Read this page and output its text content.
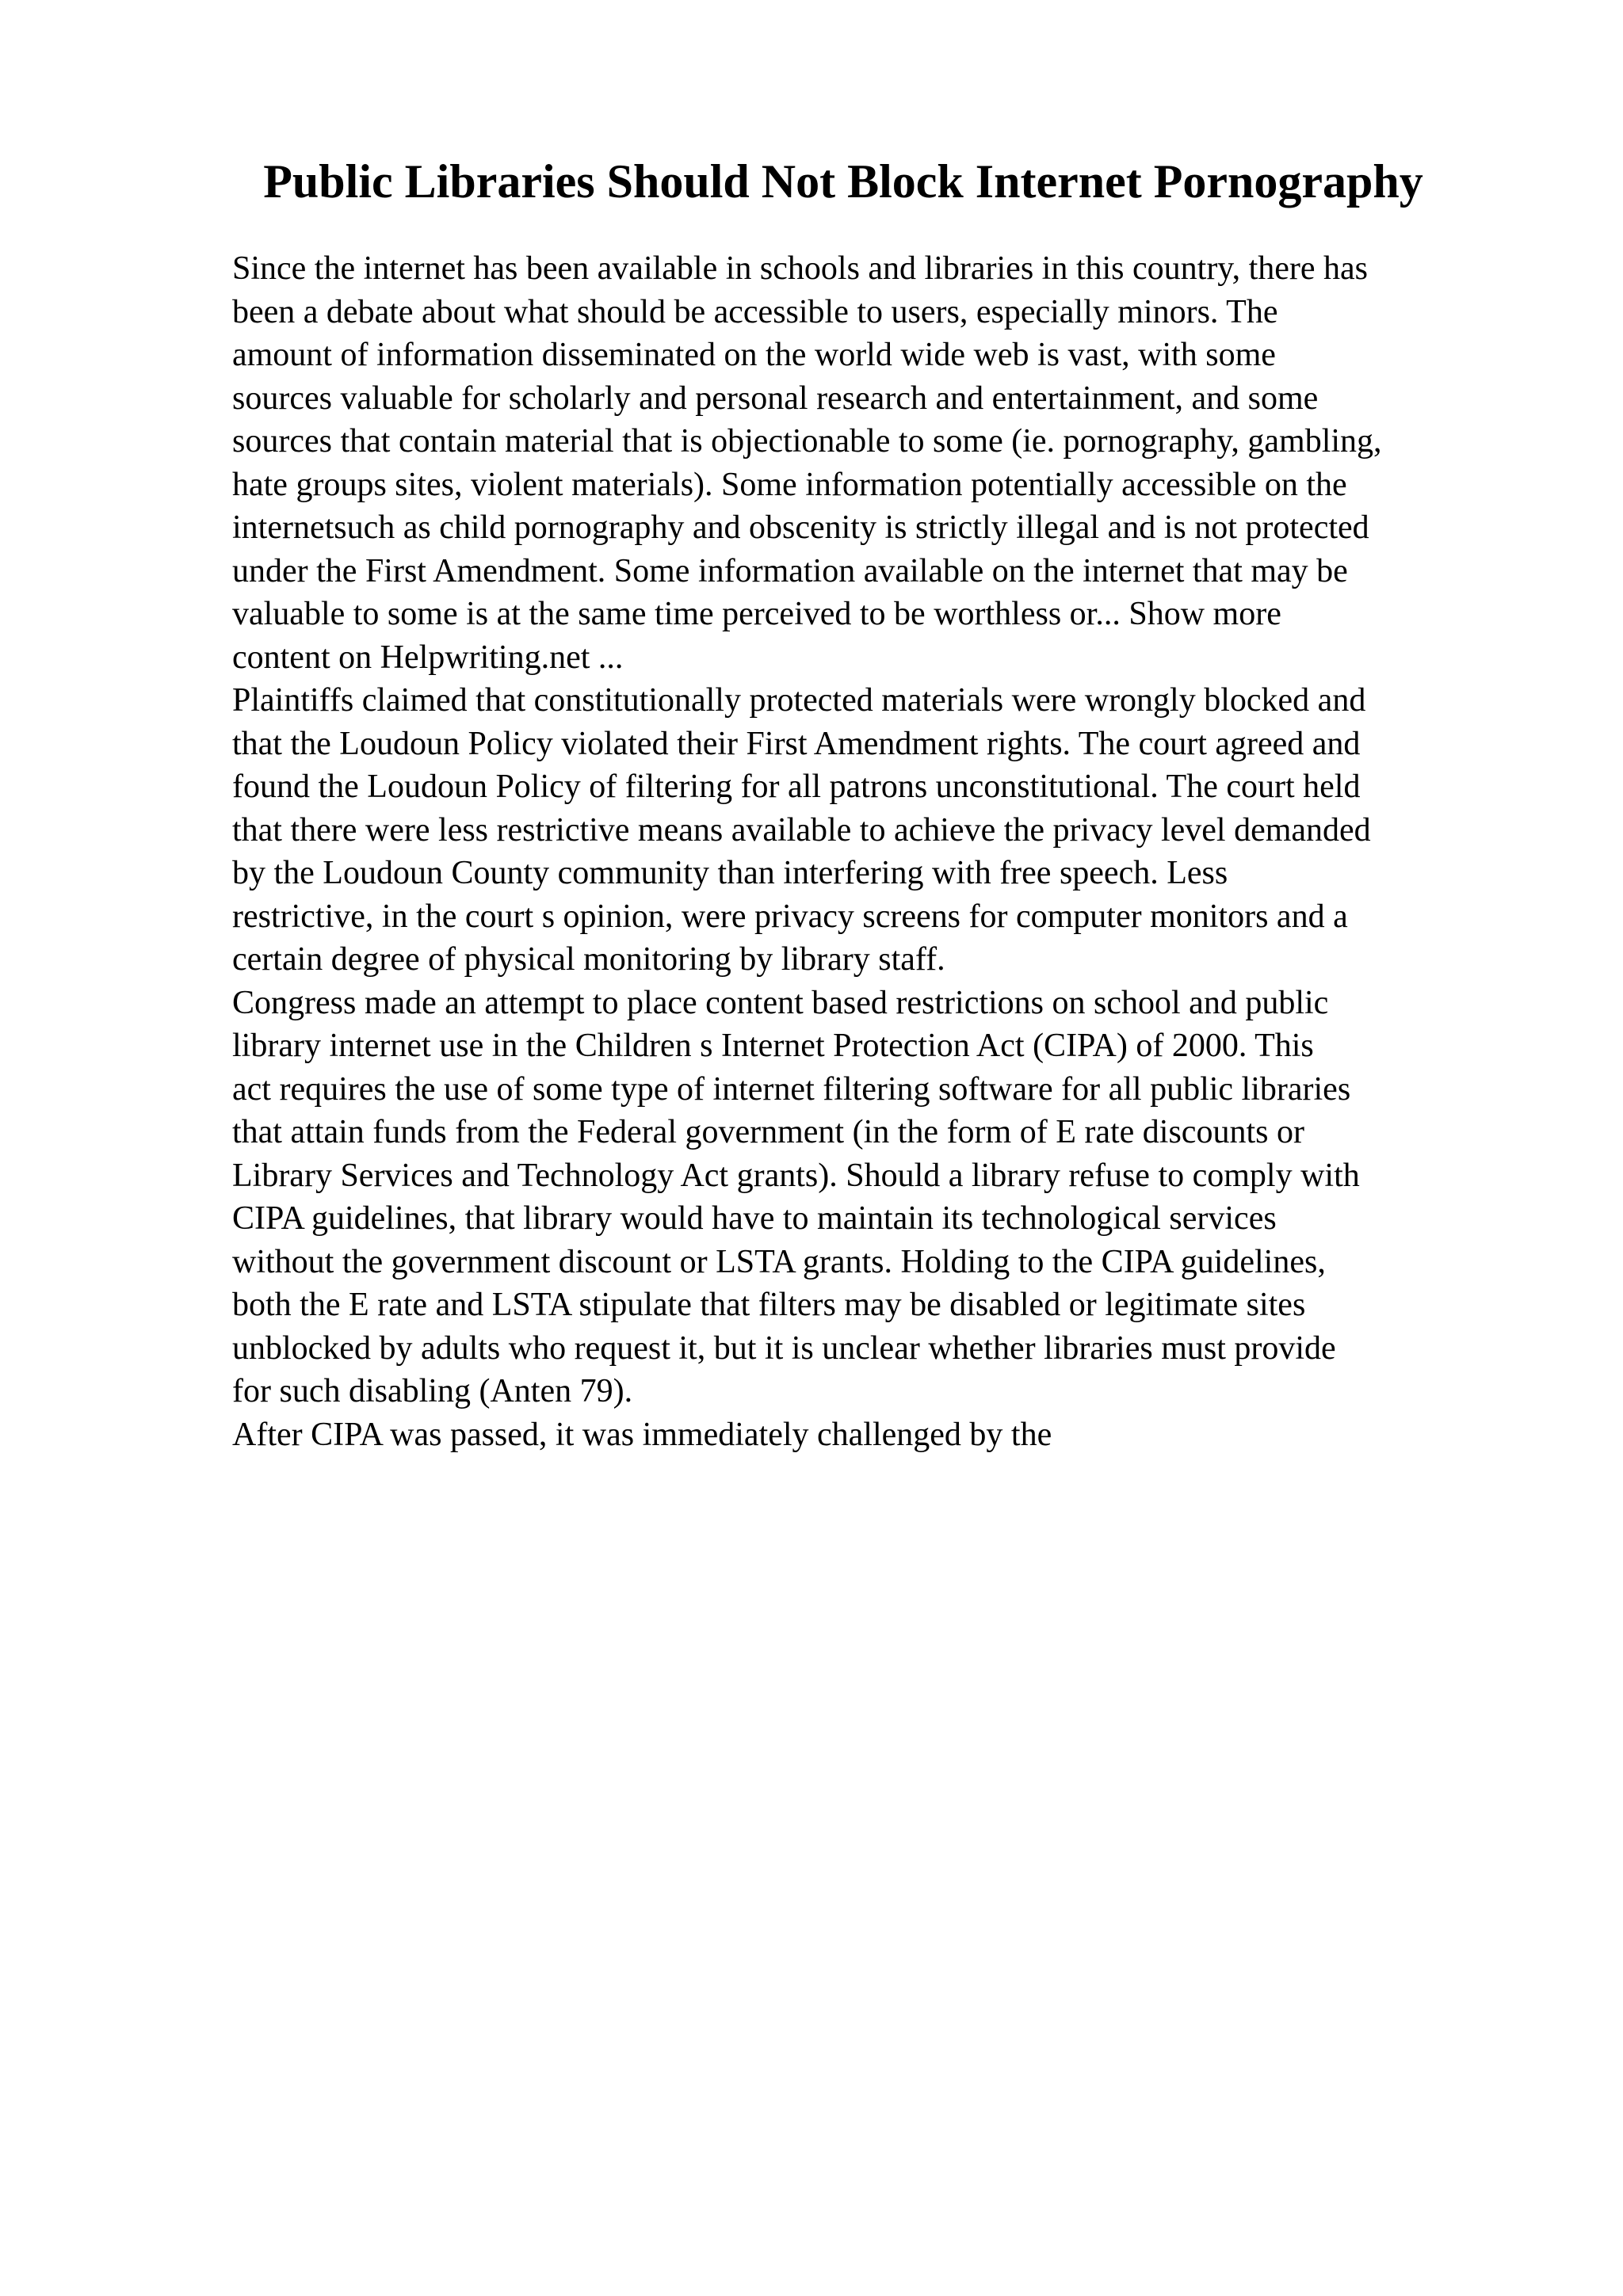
Public Libraries Should Not Block Internet Pornography
Since the internet has been available in schools and libraries in this country, there has
been a debate about what should be accessible to users, especially minors. The
amount of information disseminated on the world wide web is vast, with some
sources valuable for scholarly and personal research and entertainment, and some
sources that contain material that is objectionable to some (ie. pornography, gambling,
hate groups sites, violent materials). Some information potentially accessible on the
internetsuch as child pornography and obscenity is strictly illegal and is not protected
under the First Amendment. Some information available on the internet that may be
valuable to some is at the same time perceived to be worthless or... Show more
content on Helpwriting.net ...
Plaintiffs claimed that constitutionally protected materials were wrongly blocked and
that the Loudoun Policy violated their First Amendment rights. The court agreed and
found the Loudoun Policy of filtering for all patrons unconstitutional. The court held
that there were less restrictive means available to achieve the privacy level demanded
by the Loudoun County community than interfering with free speech. Less
restrictive, in the court s opinion, were privacy screens for computer monitors and a
certain degree of physical monitoring by library staff.
Congress made an attempt to place content based restrictions on school and public
library internet use in the Children s Internet Protection Act (CIPA) of 2000. This
act requires the use of some type of internet filtering software for all public libraries
that attain funds from the Federal government (in the form of E rate discounts or
Library Services and Technology Act grants). Should a library refuse to comply with
CIPA guidelines, that library would have to maintain its technological services
without the government discount or LSTA grants. Holding to the CIPA guidelines,
both the E rate and LSTA stipulate that filters may be disabled or legitimate sites
unblocked by adults who request it, but it is unclear whether libraries must provide
for such disabling (Anten 79).
After CIPA was passed, it was immediately challenged by the
